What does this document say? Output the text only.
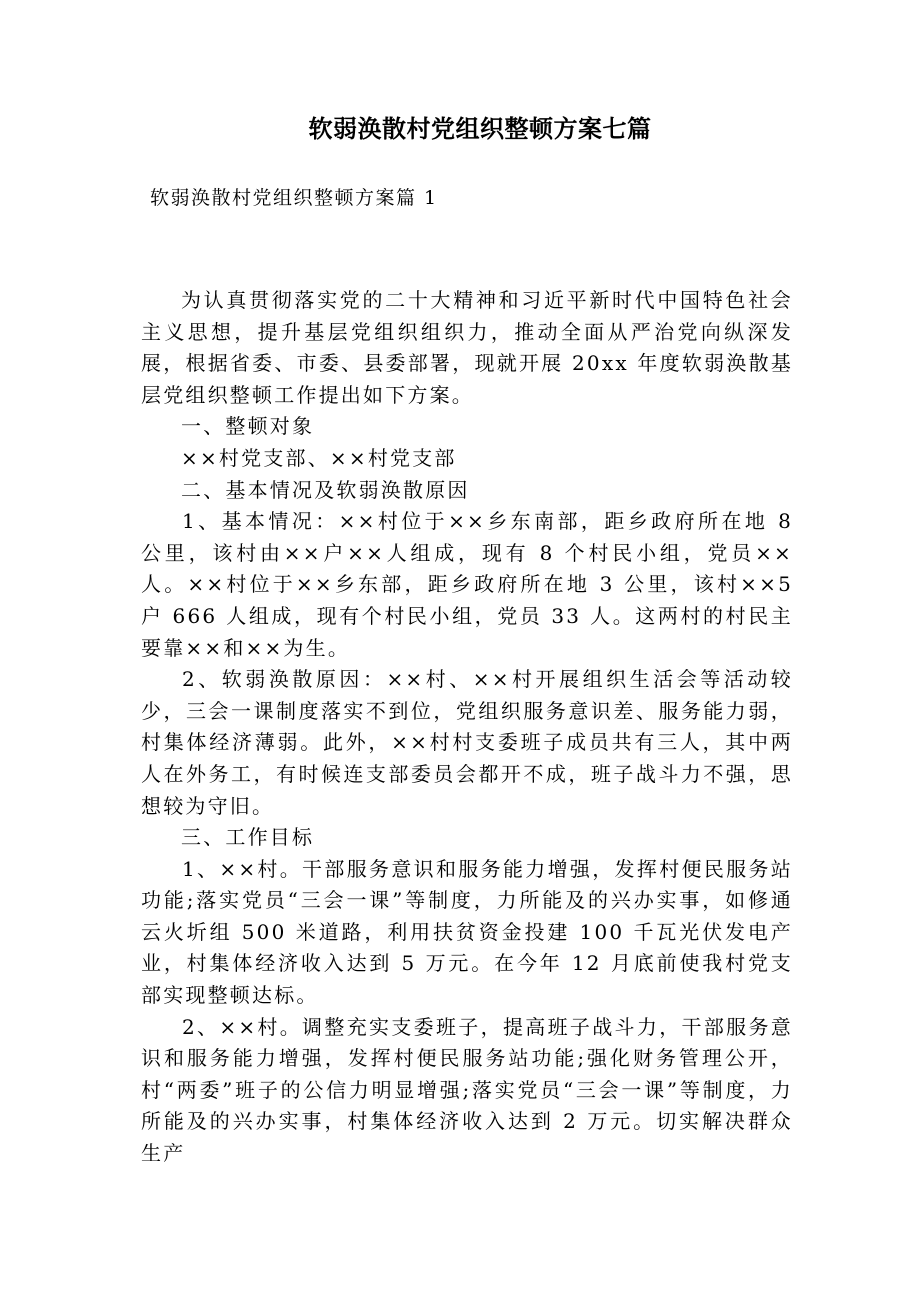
软弱涣散村党组织整顿方案七篇
软弱涣散村党组织整顿方案篇 1

为认真贯彻落实党的二十大精神和习近平新时代中国特色社会主义思想，提升基层党组织组织力，推动全面从严治党向纵深发展，根据省委、市委、县委部署，现就开展 20xx 年度软弱涣散基层党组织整顿工作提出如下方案。

一、整顿对象

××村党支部、××村党支部

二、基本情况及软弱涣散原因

1、基本情况：××村位于××乡东南部，距乡政府所在地 8 公里，该村由××户××人组成，现有 8 个村民小组，党员××人。××村位于××乡东部，距乡政府所在地 3 公里，该村××5 户 666 人组成，现有个村民小组，党员 33 人。这两村的村民主要靠××和××为生。

2、软弱涣散原因：××村、××村开展组织生活会等活动较少，三会一课制度落实不到位，党组织服务意识差、服务能力弱，村集体经济薄弱。此外，××村村支委班子成员共有三人，其中两人在外务工，有时候连支部委员会都开不成，班子战斗力不强，思想较为守旧。

三、工作目标

1、××村。干部服务意识和服务能力增强，发挥村便民服务站功能;落实党员“三会一课”等制度，力所能及的兴办实事，如修通云火圻组 500 米道路，利用扶贫资金投建 100 千瓦光伏发电产业，村集体经济收入达到 5 万元。在今年 12 月底前使我村党支部实现整顿达标。

2、××村。调整充实支委班子，提高班子战斗力，干部服务意识和服务能力增强，发挥村便民服务站功能;强化财务管理公开，村“两委”班子的公信力明显增强;落实党员“三会一课”等制度，力所能及的兴办实事，村集体经济收入达到 2 万元。切实解决群众生产
